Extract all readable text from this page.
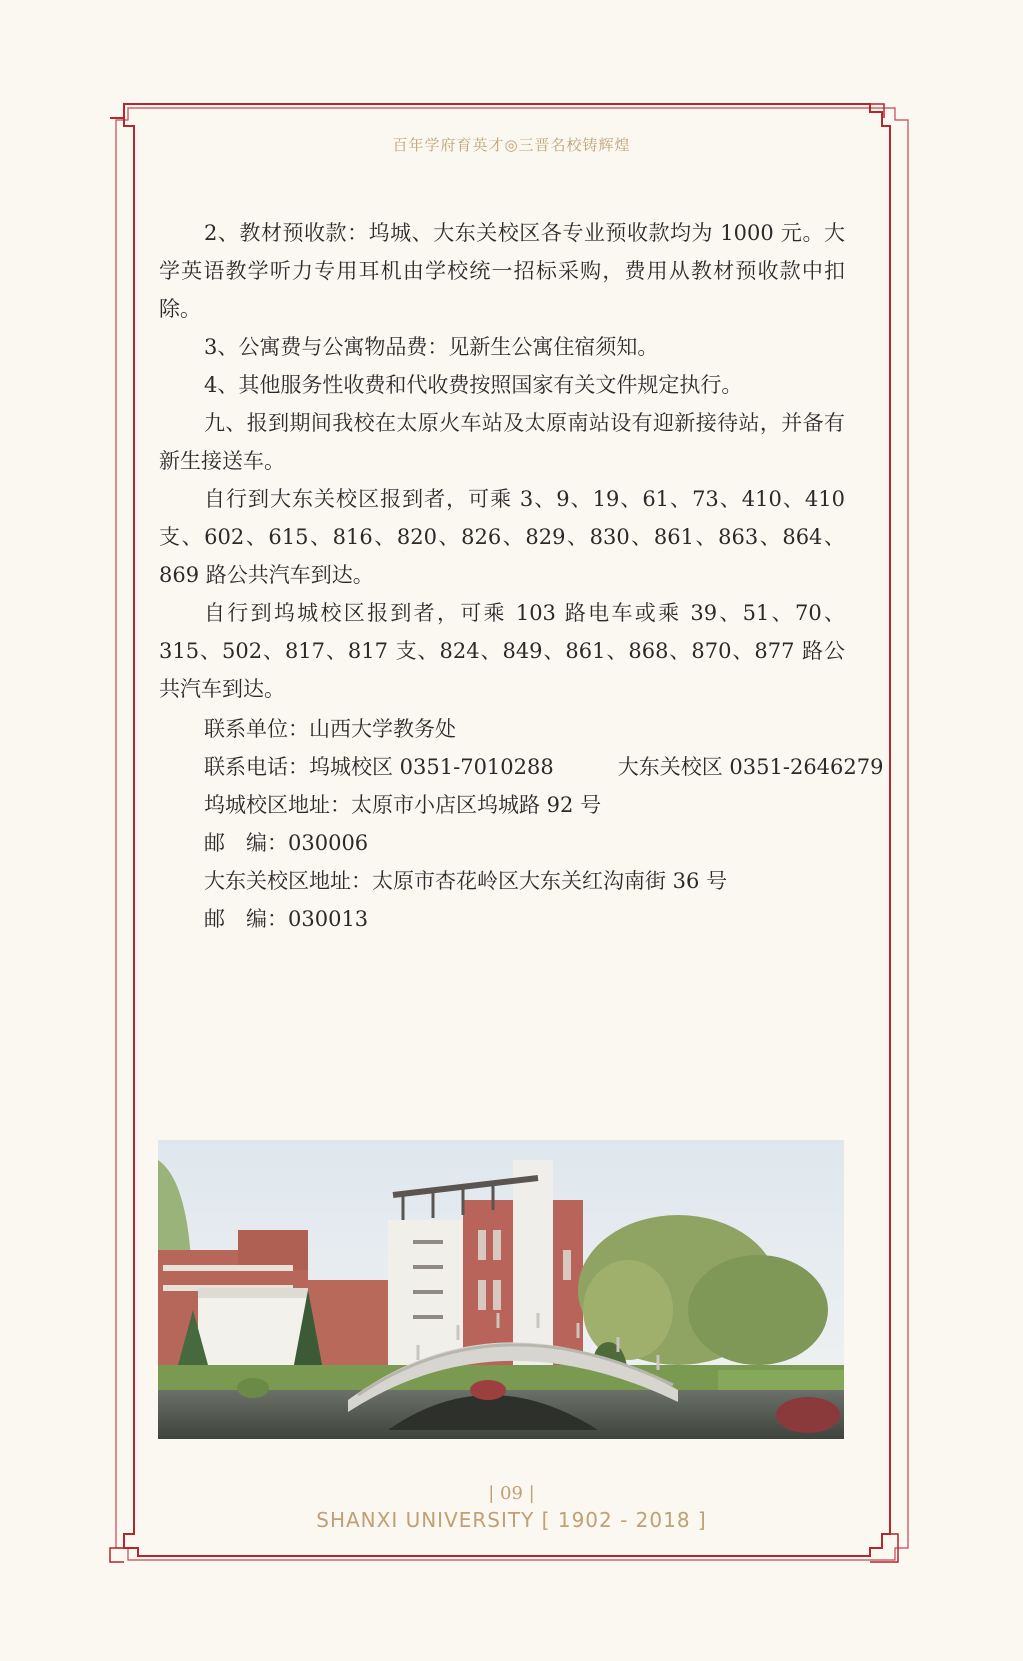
百年学府育英才◎三晋名校铸辉煌

2、教材预收款：坞城、大东关校区各专业预收款均为 1000 元。大学英语教学听力专用耳机由学校统一招标采购，费用从教材预收款中扣除。

3、公寓费与公寓物品费：见新生公寓住宿须知。

4、其他服务性收费和代收费按照国家有关文件规定执行。

九、报到期间我校在太原火车站及太原南站设有迎新接待站，并备有新生接送车。

自行到大东关校区报到者，可乘 3、9、19、61、73、410、410 支、602、615、816、820、826、829、830、861、863、864、869 路公共汽车到达。

自行到坞城校区报到者，可乘 103 路电车或乘 39、51、70、315、502、817、817 支、824、849、861、868、870、877 路公共汽车到达。

联系单位：山西大学教务处
联系电话：坞城校区 0351-7010288	大东关校区 0351-2646279
坞城校区地址：太原市小店区坞城路 92 号
邮　编：030006
大东关校区地址：太原市杏花岭区大东关红沟南街 36 号
邮　编：030013
| 09 |
SHANXI UNIVERSITY [ 1902 - 2018 ]
